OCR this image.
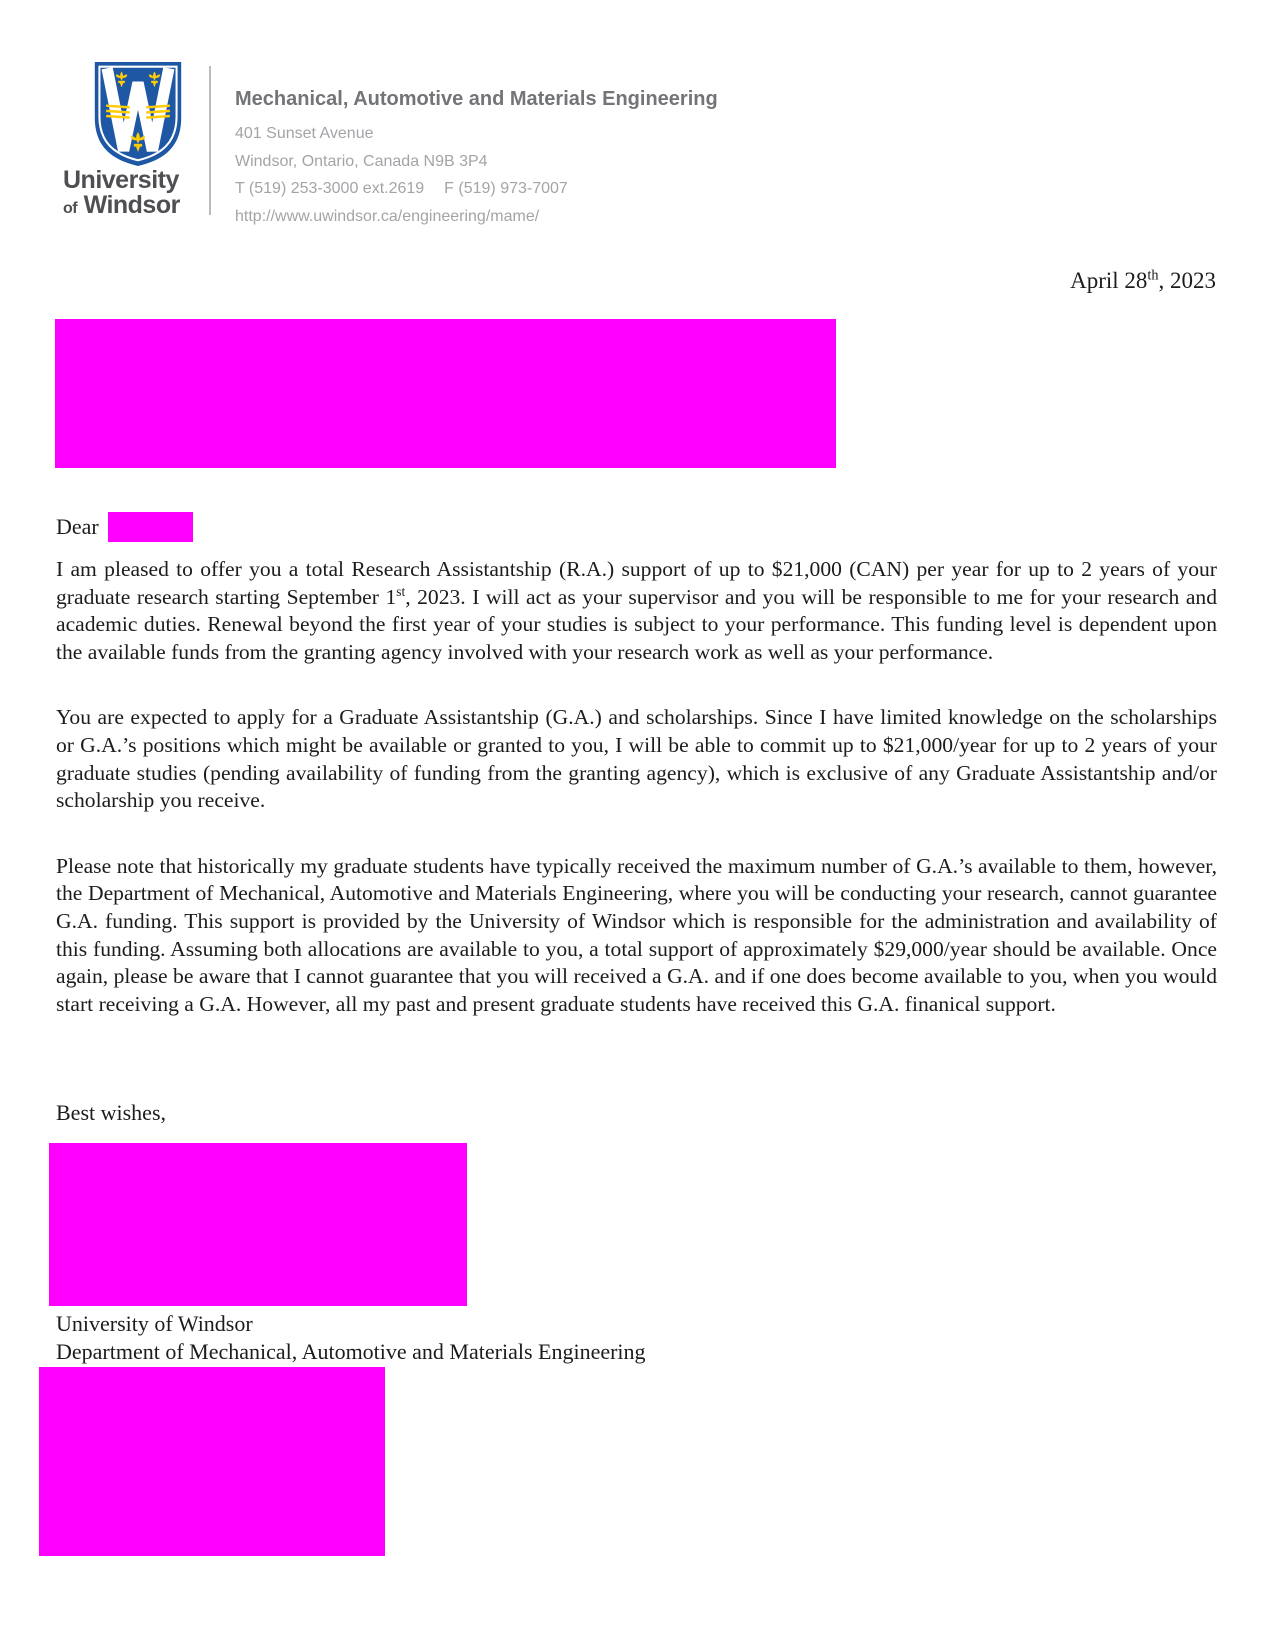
University
of Windsor
Mechanical, Automotive and Materials Engineering
401 Sunset Avenue
Windsor, Ontario, Canada N9B 3P4
T (519) 253-3000 ext.2619 F (519) 973-7007
http://www.uwindsor.ca/engineering/mame/
April 28th, 2023
Dear

I am pleased to offer you a total Research Assistantship (R.A.) support of up to $21,000 (CAN) per year for up to 2 years of your graduate research starting September 1st, 2023. I will act as your supervisor and you will be responsible to me for your research and academic duties. Renewal beyond the first year of your studies is subject to your performance. This funding level is dependent upon the available funds from the granting agency involved with your research work as well as your performance.

You are expected to apply for a Graduate Assistantship (G.A.) and scholarships. Since I have limited knowledge on the scholarships or G.A.’s positions which might be available or granted to you, I will be able to commit up to $21,000/year for up to 2 years of your graduate studies (pending availability of funding from the granting agency), which is exclusive of any Graduate Assistantship and/or scholarship you receive.

Please note that historically my graduate students have typically received the maximum number of G.A.’s available to them, however, the Department of Mechanical, Automotive and Materials Engineering, where you will be conducting your research, cannot guarantee G.A. funding. This support is provided by the University of Windsor which is responsible for the administration and availability of this funding. Assuming both allocations are available to you, a total support of approximately $29,000/year should be available. Once again, please be aware that I cannot guarantee that you will received a G.A. and if one does become available to you, when you would start receiving a G.A. However, all my past and present graduate students have received this G.A. finanical support.

Best wishes,
University of Windsor
Department of Mechanical, Automotive and Materials Engineering
